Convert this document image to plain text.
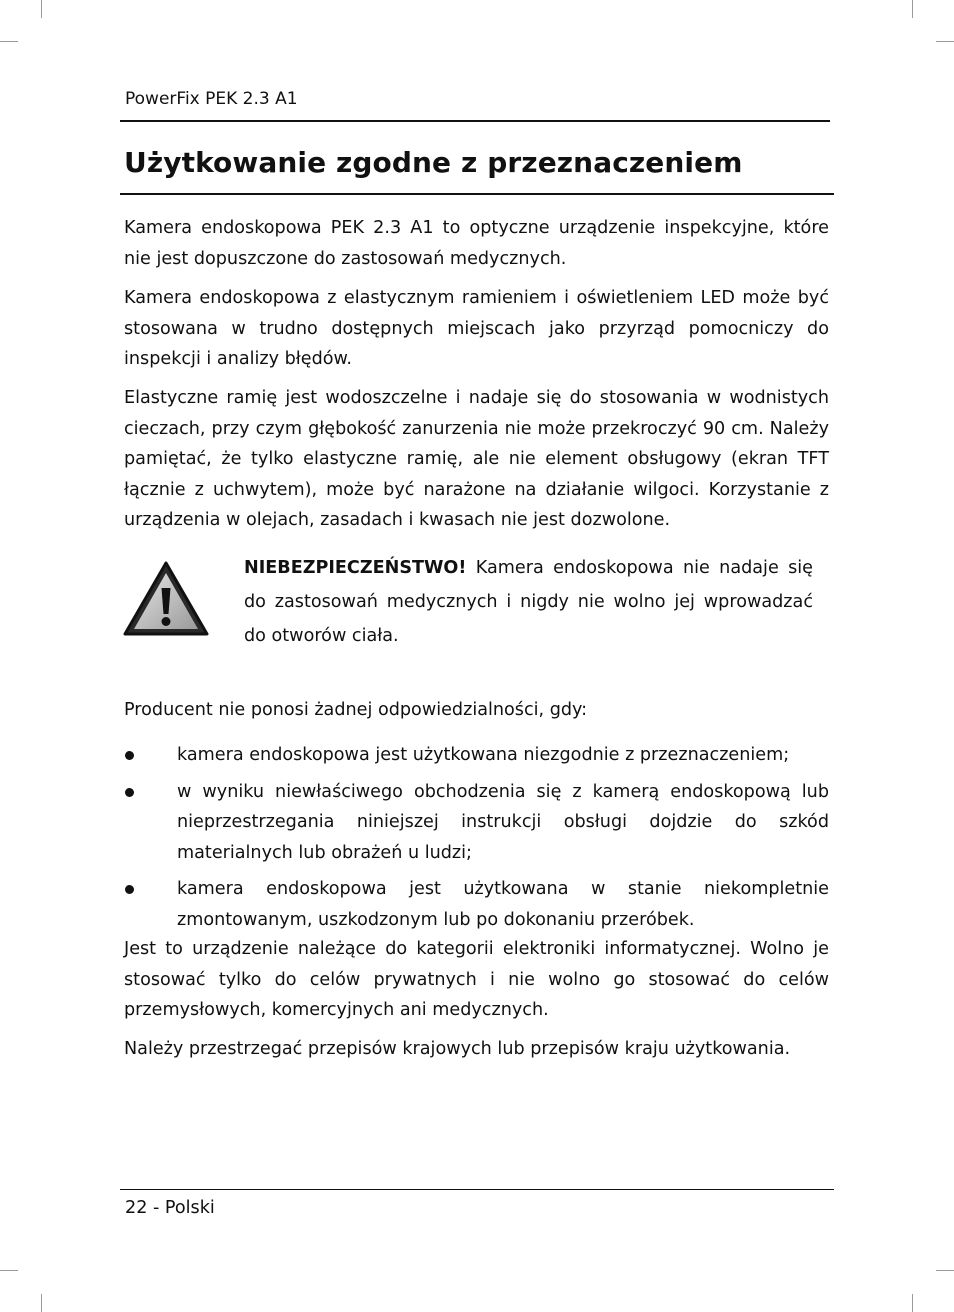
PowerFix PEK 2.3 A1
Użytkowanie zgodne z przeznaczeniem

Kamera endoskopowa PEK 2.3 A1 to optyczne urządzenie inspekcyjne, które nie jest dopuszczone do zastosowań medycznych.

Kamera endoskopowa z elastycznym ramieniem i oświetleniem LED może być stosowana w trudno dostępnych miejscach jako przyrząd pomocniczy do inspekcji i analizy błędów.

Elastyczne ramię jest wodoszczelne i nadaje się do stosowania w wodnistych cieczach, przy czym głębokość zanurzenia nie może przekroczyć 90 cm. Należy pamiętać, że tylko elastyczne ramię, ale nie element obsługowy (ekran TFT łącznie z uchwytem), może być narażone na działanie wilgoci. Korzystanie z urządzenia w olejach, zasadach i kwasach nie jest dozwolone.

NIEBEZPIECZEŃSTWO! Kamera endoskopowa nie nadaje się do zastosowań medycznych i nigdy nie wolno jej wprowadzać do otworów ciała.

Producent nie ponosi żadnej odpowiedzialności, gdy:

kamera endoskopowa jest użytkowana niezgodnie z przeznaczeniem;
w wyniku niewłaściwego obchodzenia się z kamerą endoskopową lub nieprzestrzegania niniejszej instrukcji obsługi dojdzie do szkód materialnych lub obrażeń u ludzi;
kamera endoskopowa jest użytkowana w stanie niekompletnie zmontowanym, uszkodzonym lub po dokonaniu przeróbek.

Jest to urządzenie należące do kategorii elektroniki informatycznej. Wolno je stosować tylko do celów prywatnych i nie wolno go stosować do celów przemysłowych, komercyjnych ani medycznych.

Należy przestrzegać przepisów krajowych lub przepisów kraju użytkowania.

22 - Polski
